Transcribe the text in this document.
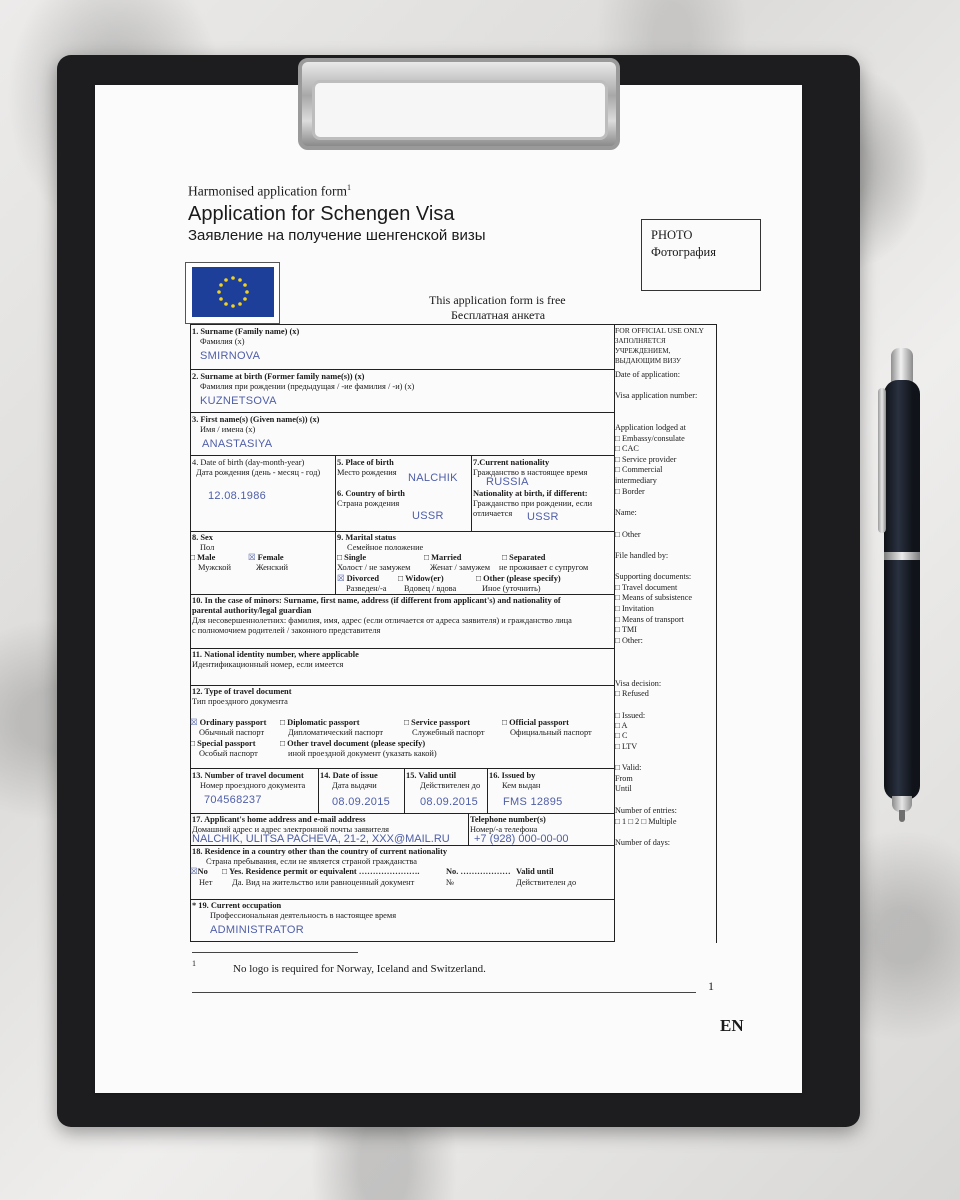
Harmonised application form$^1$
Application for Schengen Visa
Заявление на получение шенгенской визы	PHOTO
Фотография
This application form is free
Бесплатная анкета
1. Surname (Family name) (x)
Фамилия (x)
SMIRNOVA
2. Surname at birth (Former family name(s)) (x)
Фамилия при рождении (предыдущая / -ие фамилия / -и) (x)
KUZNETSOVA
3. First name(s) (Given name(s)) (x)
Имя / имена (x)
ANASTASIYA
4. Date of birth (day-month-year)
Дата рождения (день - месяц - год)
12.08.1986
5. Place of birth
Место рождения NALCHIK
6. Country of birth
Страна рождения
USSR
7.Current nationality
Гражданство в настоящее время
RUSSIA
Nationality at birth, if different:
Гражданство при рождении, если
отличается USSR
8. Sex
Пол
□ Male
Мужской
☒ Female
Женский
9. Marital status
Семейное положение
□ Single
Холост / не замужем
□ Married
Женат / замужем
□ Separated
не проживает с супругом
☒ Divorced
Разведен/-а
□ Widow(er)
Вдовец / вдова
□ Other (please specify)
Иное (уточнить)
10. In the case of minors: Surname, first name, address (if different from applicant's) and nationality of
parental authority/legal guardian
Для несовершеннолетних: фамилия, имя, адрес (если отличается от адреса заявителя) и гражданство лица
с полномочием родителей / законного представителя
11. National identity number, where applicable
Идентификационный номер, если имеется
12. Type of travel document
Тип проездного документа
☒ Ordinary passport
Обычный паспорт
□ Diplomatic passport
Дипломатический паспорт
□ Service passport
Служебный паспорт
□ Official passport
Официальный паспорт
□ Special passport
Особый паспорт
□ Other travel document (please specify)
иной проездной документ (указать какой)
13. Number of travel document
Номер проездного документа
704568237
14. Date of issue
Дата выдачи
08.09.2015
15. Valid until
Действителен до
08.09.2015
16. Issued by
Кем выдан
FMS 12895
17. Applicant's home address and e-mail address
Домашний адрес и адрес электронной почты заявителя
NALCHIK, ULITSA PACHEVA, 21-2, XXX@MAIL.RU
Telephone number(s)
Номер/-а телефона
+7 (928) 000-00-00
18. Residence in a country other than the country of current nationality
Страна пребывания, если не является страной гражданства
☒No
Нет
□ Yes. Residence permit or equivalent ………………….
Да. Вид на жительство или равноценный документ
No. ………………
№
Valid until
Действителен до
* 19. Current occupation
Профессиональная деятельность в настоящее время
ADMINISTRATOR
FOR OFFICIAL USE ONLY
ЗАПОЛНЯЕТСЯ
УЧРЕЖДЕНИЕМ,
ВЫДАЮЩИМ ВИЗУ
Date of application:
Visa application number:
Application lodged at
□ Embassy/consulate
□ CAC
□ Service provider
□ Commercial
intermediary
□ Border
Name:
□ Other
File handled by:
Supporting documents:
□ Travel document
□ Means of subsistence
□ Invitation
□ Means of transport
□ TMI
□ Other:
Visa decision:
□ Refused
□ Issued:
□ A
□ C
□ LTV
□ Valid:
From
Until
Number of entries:
□ 1 □ 2 □ Multiple
Number of days:
1	No logo is required for Norway, Iceland and Switzerland.
1
EN
